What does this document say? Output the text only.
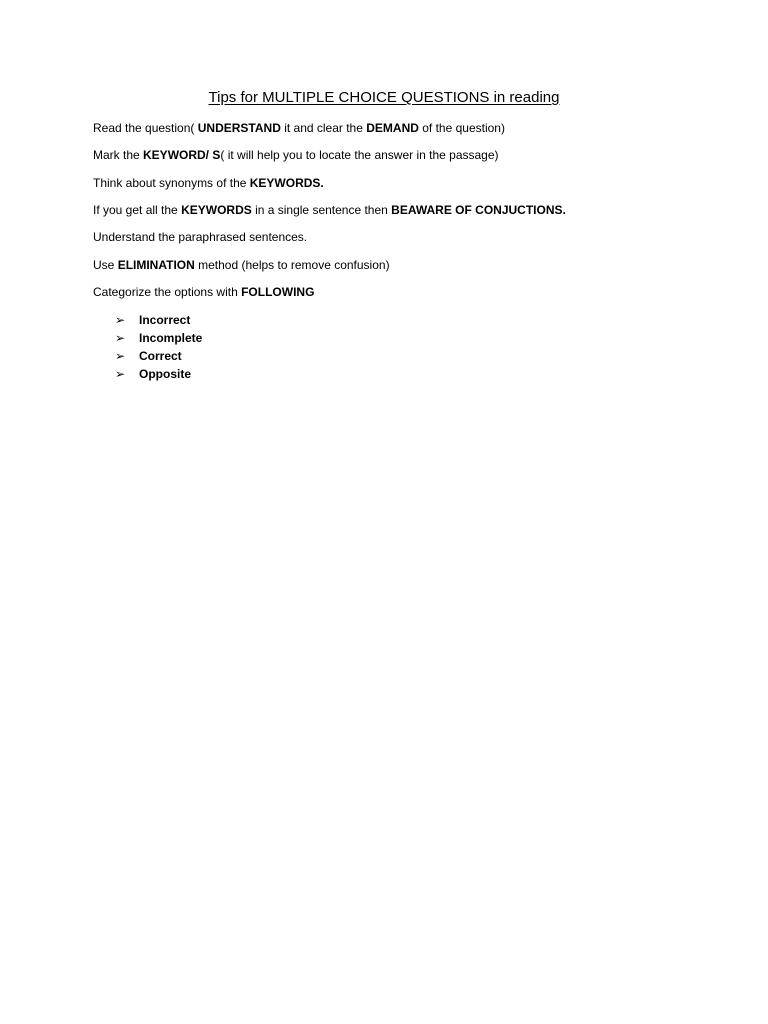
Tips for MULTIPLE CHOICE QUESTIONS in reading
Read the question( UNDERSTAND it and clear the DEMAND of the question)
Mark the KEYWORD/ S( it will help you to locate the answer in the passage)
Think about synonyms of the KEYWORDS.
If you get all the KEYWORDS in a single sentence then BEAWARE OF CONJUCTIONS.
Understand the paraphrased sentences.
Use ELIMINATION method (helps to remove confusion)
Categorize the options with FOLLOWING
➢	Incorrect
➢	Incomplete
➢	Correct
➢	Opposite
